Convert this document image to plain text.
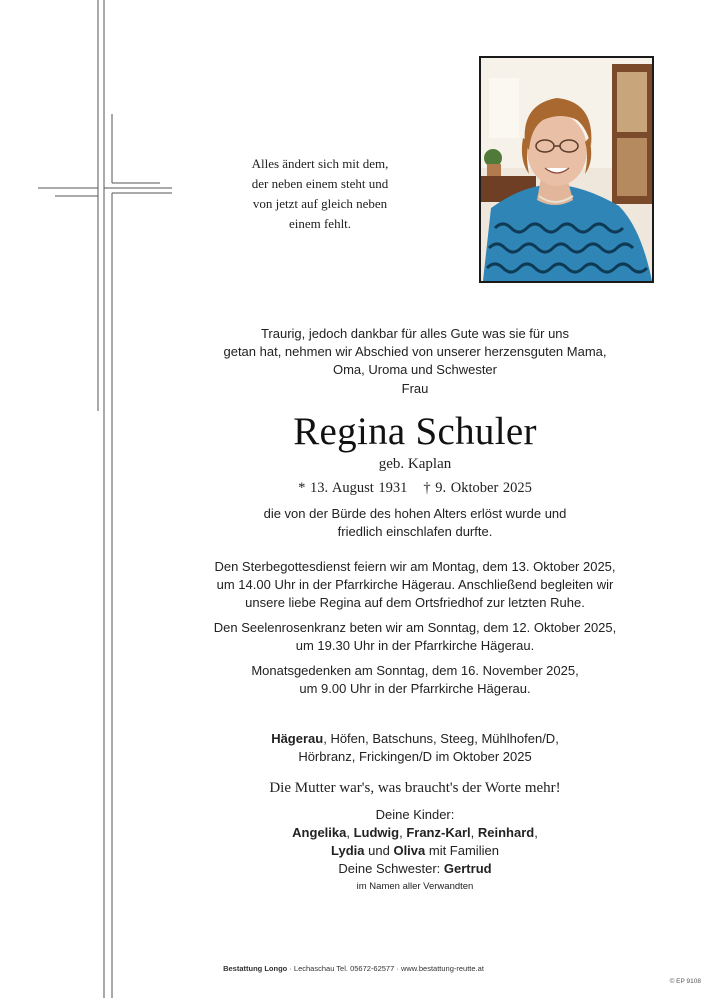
Alles ändert sich mit dem,
der neben einem steht und
von jetzt auf gleich neben
einem fehlt.
Traurig, jedoch dankbar für alles Gute was sie für uns
getan hat, nehmen wir Abschied von unserer herzensguten Mama,
Oma, Uroma und Schwester
Frau
Regina Schuler
geb. Kaplan
* 13. August 1931 † 9. Oktober 2025
die von der Bürde des hohen Alters erlöst wurde und
friedlich einschlafen durfte.
Den Sterbegottesdienst feiern wir am Montag, dem 13. Oktober 2025,
um 14.00 Uhr in der Pfarrkirche Hägerau. Anschließend begleiten wir
unsere liebe Regina auf dem Ortsfriedhof zur letzten Ruhe.
Den Seelenrosenkranz beten wir am Sonntag, dem 12. Oktober 2025,
um 19.30 Uhr in der Pfarrkirche Hägerau.
Monatsgedenken am Sonntag, dem 16. November 2025,
um 9.00 Uhr in der Pfarrkirche Hägerau.
Hägerau, Höfen, Batschuns, Steeg, Mühlhofen/D,
Hörbranz, Frickingen/D im Oktober 2025
Die Mutter war's, was braucht's der Worte mehr!
Deine Kinder:
Angelika, Ludwig, Franz-Karl, Reinhard,
Lydia und Oliva mit Familien
Deine Schwester: Gertrud
im Namen aller Verwandten
Bestattung Longo · Lechaschau Tel. 05672-62577 · www.bestattung-reutte.at
© EP 9108
